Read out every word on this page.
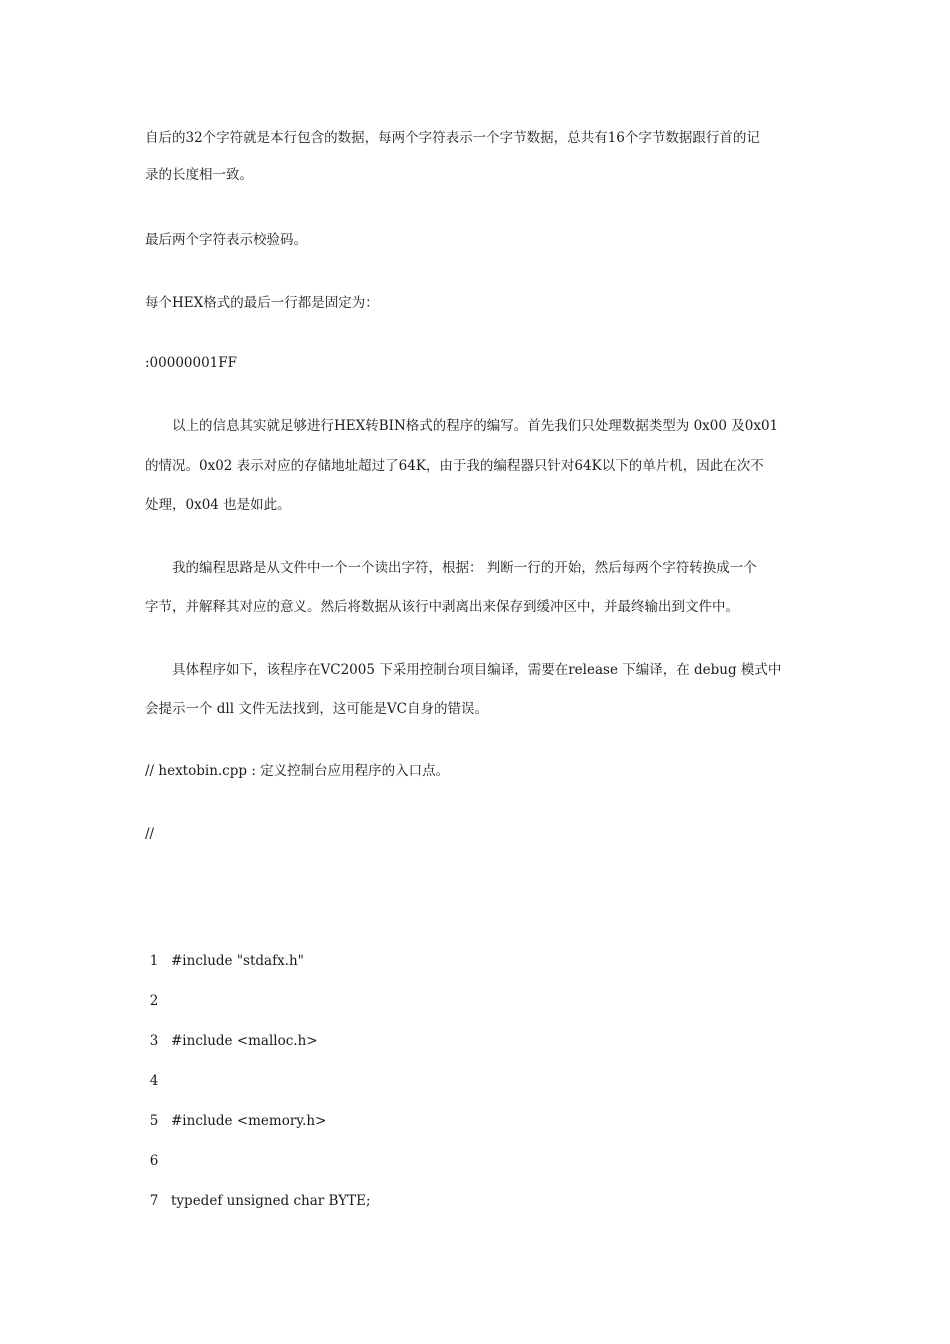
自后的32个字符就是本行包含的数据，每两个字符表示一个字节数据，总共有16个字节数据跟行首的记
录的长度相一致。
最后两个字符表示校验码。
每个HEX格式的最后一行都是固定为：
:00000001FF
以上的信息其实就足够进行HEX转BIN格式的程序的编写。首先我们只处理数据类型为 0x00 及0x01
的情况。0x02 表示对应的存储地址超过了64K，由于我的编程器只针对64K以下的单片机，因此在次不
处理，0x04 也是如此。
我的编程思路是从文件中一个一个读出字符，根据： 判断一行的开始，然后每两个字符转换成一个
字节，并解释其对应的意义。然后将数据从该行中剥离出来保存到缓冲区中，并最终输出到文件中。
具体程序如下，该程序在VC2005 下采用控制台项目编译，需要在release 下编译，在 debug 模式中
会提示一个 dll 文件无法找到，这可能是VC自身的错误。
// hextobin.cpp : 定义控制台应用程序的入口点。
//
1 #include "stdafx.h"
2
3 #include <malloc.h>
4
5 #include <memory.h>
6
7 typedef unsigned char BYTE;
